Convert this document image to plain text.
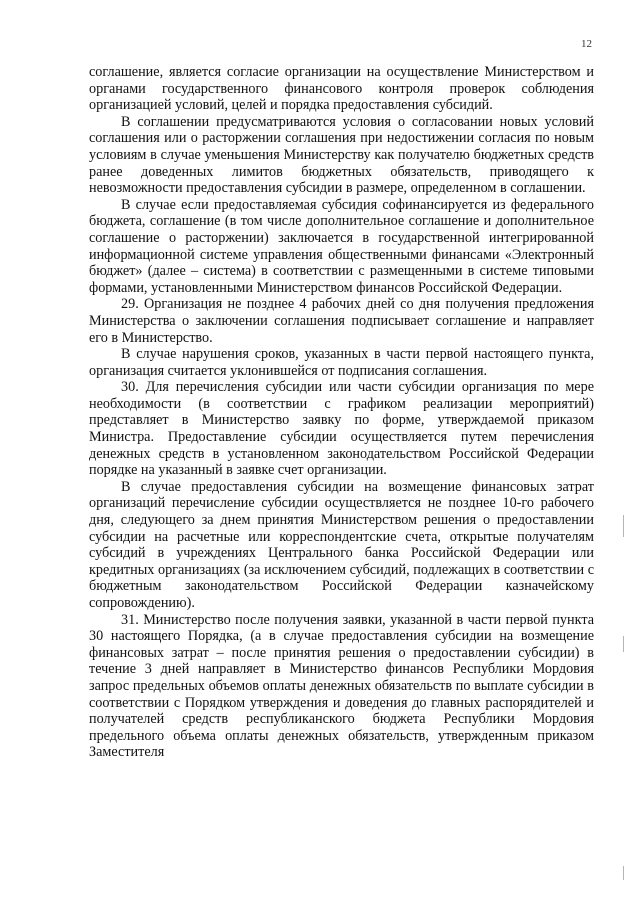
12

соглашение, является согласие организации на осуществление Министерством и органами государственного финансового контроля проверок соблюдения организацией условий, целей и порядка предоставления субсидий.

В соглашении предусматриваются условия о согласовании новых условий соглашения или о расторжении соглашения при недостижении согласия по новым условиям в случае уменьшения Министерству как получателю бюджетных средств ранее доведенных лимитов бюджетных обязательств, приводящего к невозможности предоставления субсидии в размере, определенном в соглашении.

В случае если предоставляемая субсидия софинансируется из федерального бюджета, соглашение (в том числе дополнительное соглашение и дополнительное соглашение о расторжении) заключается в государственной интегрированной информационной системе управления общественными финансами «Электронный бюджет» (далее – система) в соответствии с размещенными в системе типовыми формами, установленными Министерством финансов Российской Федерации.

29. Организация не позднее 4 рабочих дней со дня получения предложения Министерства о заключении соглашения подписывает соглашение и направляет его в Министерство.

В случае нарушения сроков, указанных в части первой настоящего пункта, организация считается уклонившейся от подписания соглашения.

30. Для перечисления субсидии или части субсидии организация по мере необходимости (в соответствии с графиком реализации мероприятий) представляет в Министерство заявку по форме, утверждаемой приказом Министра. Предоставление субсидии осуществляется путем перечисления денежных средств в установленном законодательством Российской Федерации порядке на указанный в заявке счет организации.

В случае предоставления субсидии на возмещение финансовых затрат организаций перечисление субсидии осуществляется не позднее 10-го рабочего дня, следующего за днем принятия Министерством решения о предоставлении субсидии на расчетные или корреспондентские счета, открытые получателям субсидий в учреждениях Центрального банка Российской Федерации или кредитных организациях (за исключением субсидий, подлежащих в соответствии с бюджетным законодательством Российской Федерации казначейскому сопровождению).

31. Министерство после получения заявки, указанной в части первой пункта 30 настоящего Порядка, (а в случае предоставления субсидии на возмещение финансовых затрат – после принятия решения о предоставлении субсидии) в течение 3 дней направляет в Министерство финансов Республики Мордовия запрос предельных объемов оплаты денежных обязательств по выплате субсидии в соответствии с Порядком утверждения и доведения до главных распорядителей и получателей средств республиканского бюджета Республики Мордовия предельного объема оплаты денежных обязательств, утвержденным приказом Заместителя
